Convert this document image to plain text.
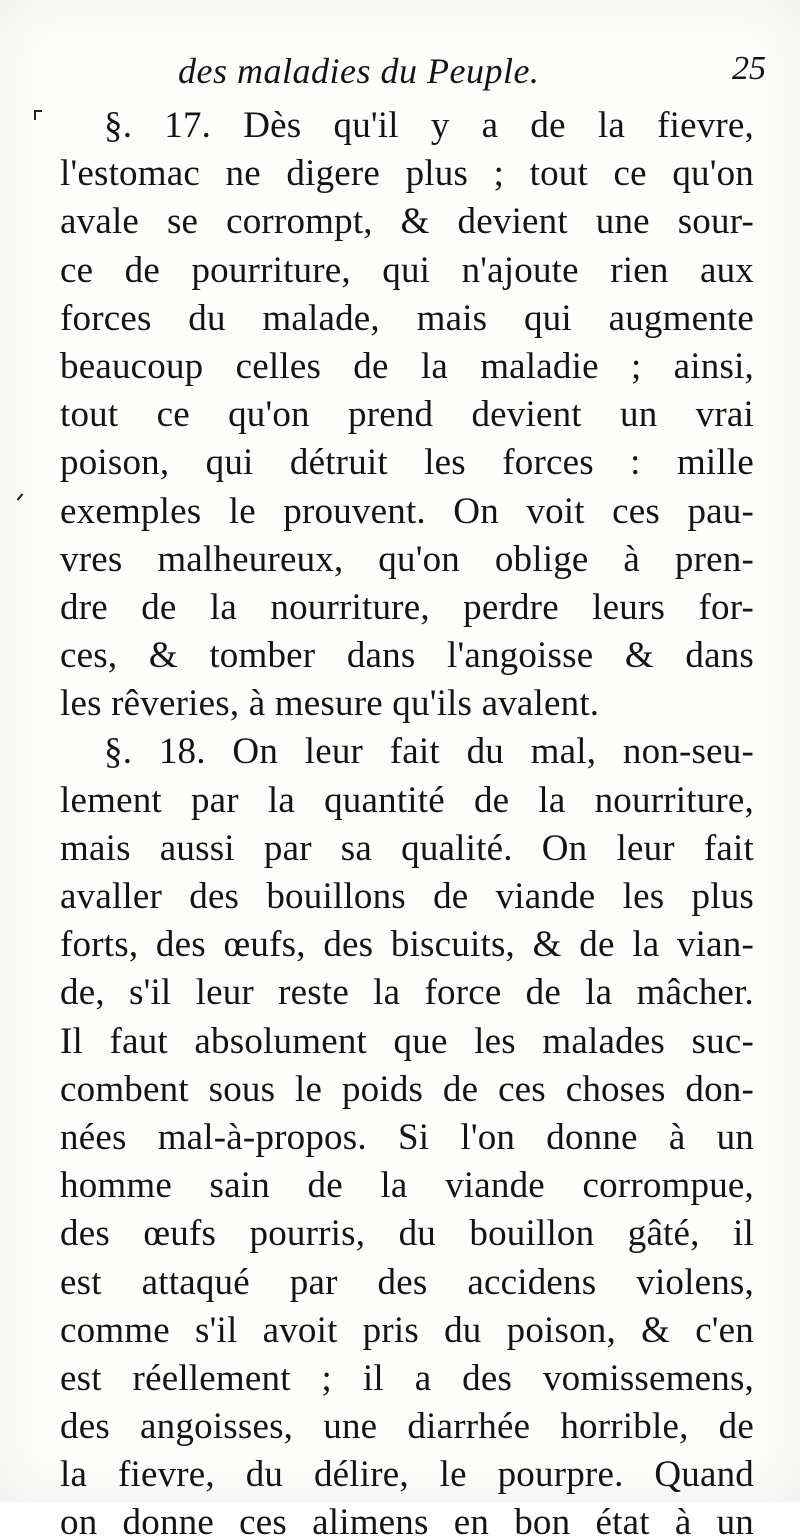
des maladies du Peuple.	25
§. 17. Dès qu'il y a de la fievre,
l'estomac ne digere plus ; tout ce qu'on
avale se corrompt, & devient une sour-
ce de pourriture, qui n'ajoute rien aux
forces du malade, mais qui augmente
beaucoup celles de la maladie ; ainsi,
tout ce qu'on prend devient un vrai
poison, qui détruit les forces : mille
exemples le prouvent. On voit ces pau-
vres malheureux, qu'on oblige à pren-
dre de la nourriture, perdre leurs for-
ces, & tomber dans l'angoisse & dans
les rêveries, à mesure qu'ils avalent.
§. 18. On leur fait du mal, non-seu-
lement par la quantité de la nourriture,
mais aussi par sa qualité. On leur fait
avaller des bouillons de viande les plus
forts, des œufs, des biscuits, & de la vian-
de, s'il leur reste la force de la mâcher.
Il faut absolument que les malades suc-
combent sous le poids de ces choses don-
nées mal-à-propos. Si l'on donne à un
homme sain de la viande corrompue,
des œufs pourris, du bouillon gâté, il
est attaqué par des accidens violens,
comme s'il avoit pris du poison, & c'en
est réellement ; il a des vomissemens,
des angoisses, une diarrhée horrible, de
la fievre, du délire, le pourpre. Quand
on donne ces alimens en bon état à un
